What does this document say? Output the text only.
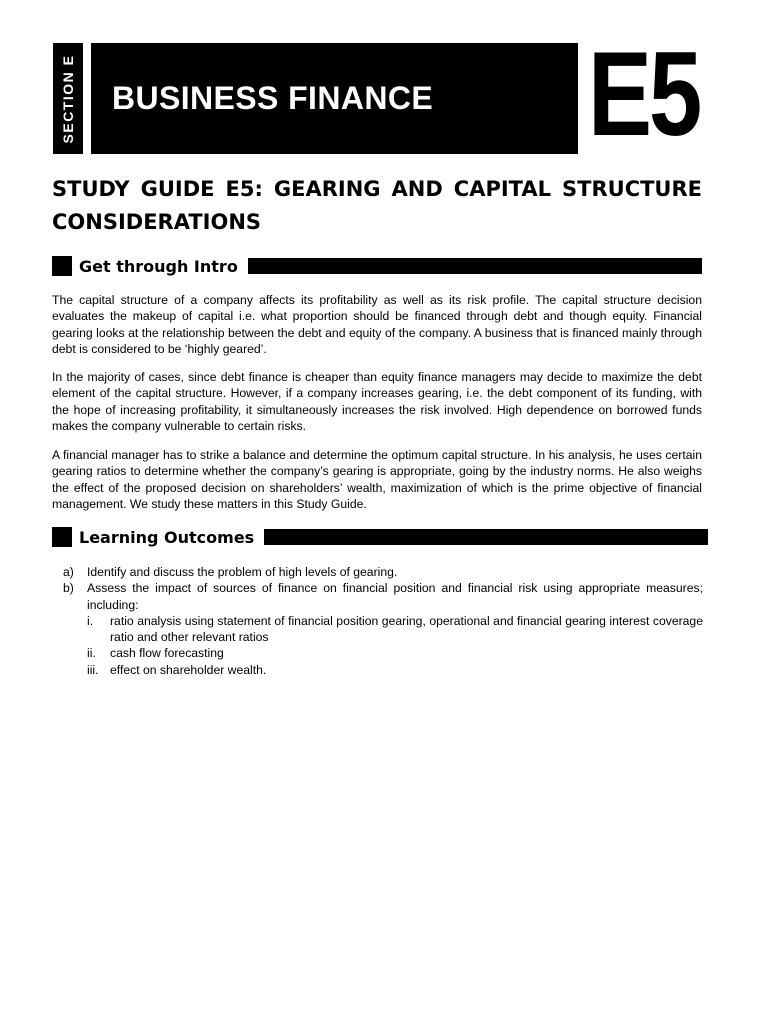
SECTION E BUSINESS FINANCE E5
STUDY GUIDE E5: GEARING AND CAPITAL STRUCTURE CONSIDERATIONS
Get through Intro

The capital structure of a company affects its profitability as well as its risk profile. The capital structure decision evaluates the makeup of capital i.e. what proportion should be financed through debt and though equity. Financial gearing looks at the relationship between the debt and equity of the company. A business that is financed mainly through debt is considered to be ‘highly geared’.

In the majority of cases, since debt finance is cheaper than equity finance managers may decide to maximize the debt element of the capital structure. However, if a company increases gearing, i.e. the debt component of its funding, with the hope of increasing profitability, it simultaneously increases the risk involved. High dependence on borrowed funds makes the company vulnerable to certain risks.

A financial manager has to strike a balance and determine the optimum capital structure. In his analysis, he uses certain gearing ratios to determine whether the company’s gearing is appropriate, going by the industry norms. He also weighs the effect of the proposed decision on shareholders’ wealth, maximization of which is the prime objective of financial management. We study these matters in this Study Guide.

Learning Outcomes
a)	Identify and discuss the problem of high levels of gearing.
b)	Assess the impact of sources of finance on financial position and financial risk using appropriate measures; including:
i.	ratio analysis using statement of financial position gearing, operational and financial gearing interest coverage ratio and other relevant ratios
ii.	cash flow forecasting
iii. effect on shareholder wealth.
